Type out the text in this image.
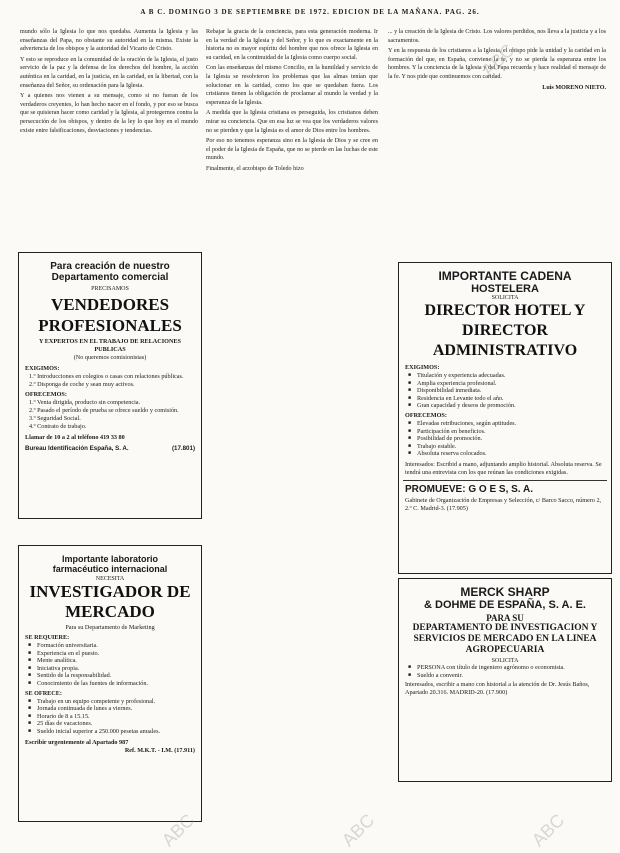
A B C. DOMINGO 3 DE SEPTIEMBRE DE 1972. EDICION DE LA MAÑANA. PAG. 26.

mundo sólo la Iglesia lo que nos quedaba. Aumenta la Iglesia y las enseñanzas del Papa, no obstante su autoridad en la misma. Existe la advertencia de los obispos y la autoridad del Vicario de Cristo.

Y esto se reproduce en la comunidad de la oración de la Iglesia, el justo servicio de la paz y la defensa de los derechos del hombre, la acción auténtica en la caridad, en la justicia, en la caridad, en la libertad, con la enseñanza del Señor, su ordenación para la Iglesia.

Y a quienes nos vienen a su mensaje, como si no fueran de los verdaderos creyentes, lo han hecho nacer en el fondo, y por eso se busca que se quisieran hacer como caridad y la Iglesia, al protegernos contra la persecución de los obispos, y dentro de la ley lo que hoy en el mundo existe entre falsificaciones, desviaciones y tendencias.

Para creación de nuestro
Departamento comercial
PRECISAMOS
VENDEDORES PROFESIONALES
Y EXPERTOS EN EL TRABAJO DE RELACIONES PUBLICAS
(No queremos comisionistas)
EXIGIMOS:
1.º Introducciones en colegios o casas con relaciones públicas.
2.º Disponga de coche y sean muy activos.
OFRECEMOS:
1.º Venta dirigida, producto sin competencia.
2.º Pasado el período de prueba se ofrece sueldo y comisión.
3.º Seguridad Social.
4.º Contrato de trabajo.
Llamar de 10 a 2 al teléfono 419 33 80
Bureau Identificación España, S. A.	(17.801)
Importante laboratorio
farmacéutico internacional
NECESITA
INVESTIGADOR DE MERCADO
Para su Departamento de Marketing
SE REQUIERE:
■ Formación universitaria.
■ Experiencia en el puesto.
■ Mente analítica.
■ Iniciativa propia.
■ Sentido de la responsabilidad.
■ Conocimiento de las fuentes de información.
SE OFRECE:
■ Trabajo en un equipo competente y profesional.
■ Jornada continuada de lunes a viernes.
■ Horario de 8 a 15.15.
■ 25 días de vacaciones.
■ Sueldo inicial superior a 250.000 pesetas anuales.
Escribir urgentemente al Apartado 987
Ref. M.K.T. - I.M. (17.911)

Rebajar la gracia de la conciencia, para esta generación moderna. Ir en la verdad de la Iglesia y del Señor, y lo que es exactamente en la historia no es mayor espíritu del hombre que nos ofrece la Iglesia en su caridad, en la continuidad de la Iglesia como cuerpo social.

Con las enseñanzas del mismo Concilio, en la humildad y servicio de la Iglesia se resolvieron los problemas que las almas tenían que solucionar en la caridad, como los que se quedaban fuera. Los cristianos tienen la obligación de proclamar al mundo la verdad y la esperanza de la Iglesia.

A medida que la Iglesia cristiana es perseguida, los cristianos deben mirar su conciencia. Que en esa luz se vea que los verdaderos valores no se pierden y que la Iglesia es el amor de Dios entre los hombres.

Por eso no tenemos esperanza sino en la Iglesia de Dios y se cree en el poder de la Iglesia de España, que no se pierde en las luchas de este mundo.

Finalmente, el arzobispo de Toledo hizo

... y la creación de la Iglesia de Cristo. Los valores perdidos, nos lleva a la justicia y a los sacramentos.

Y en la respuesta de los cristianos a la Iglesia, el obispo pide la unidad y la caridad en la formación del que, en España, conviene la fe, y no se pierda la esperanza entre los hombres. Y la conciencia de la Iglesia y del Papa recuerda y hace realidad el mensaje de la fe. Y nos pide que continuemos con caridad.

Luis MORENO NIETO.

IMPORTANTE CADENA
HOSTELERA
SOLICITA
DIRECTOR HOTEL Y DIRECTOR ADMINISTRATIVO
EXIGIMOS:
■ Titulación y experiencia adecuadas.
■ Amplia experiencia profesional.
■ Disponibilidad inmediata.
■ Residencia en Levante todo el año.
■ Gran capacidad y deseos de promoción.
OFRECEMOS:
■ Elevadas retribuciones, según aptitudes.
■ Participación en beneficios.
■ Posibilidad de promoción.
■ Trabajo estable.
■ Absoluta reserva colocados.
Interesados: Escribid a mano, adjuntando amplio historial. Absoluta reserva. Se tendrá una entrevista con los que reúnan las condiciones exigidas.
PROMUEVE: G O E S, S. A.
Gabinete de Organización de Empresas y Selección, c/ Barco Sacco, número 2, 2.º C. Madrid-3. (17.905)
MERCK SHARP
& DOHME DE ESPAÑA, S. A. E.
PARA SU
DEPARTAMENTO DE INVESTIGACION Y SERVICIOS DE MERCADO EN LA LINEA AGROPECUARIA
SOLICITA
■ PERSONA con título de ingeniero agrónomo o economista.
■ Sueldo a convenir.
Interesados, escribir a mano con historial a la atención de Dr. Jesús Baños, Apartado 20.316. MADRID-20. (17.900)
ABC	ABC	ABC
ABC
